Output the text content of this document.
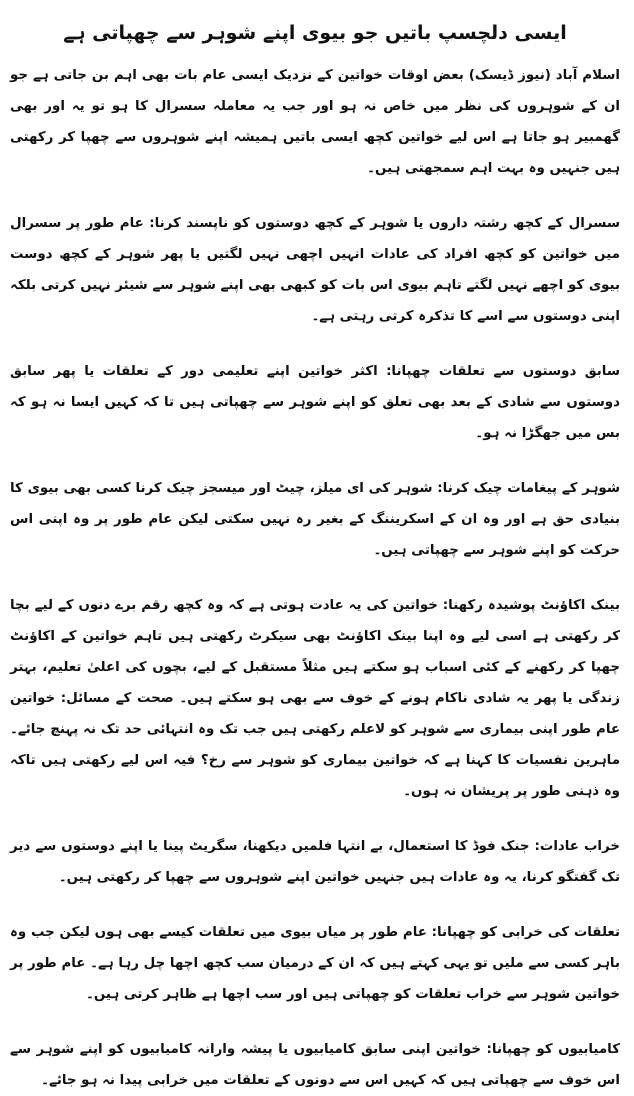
ایسی دلچسپ باتیں جو بیوی اپنے شوہر سے چھپاتی ہے

اسلام آباد (نیوز ڈیسک) بعض اوقات خواتین کے نزدیک ایسی عام بات بھی اہم بن جاتی ہے جو ان کے شوہروں کی نظر میں خاص نہ ہو اور جب یہ معاملہ سسرال کا ہو تو یہ اور بھی گھمبیر ہو جاتا ہے اس لیے خواتین کچھ ایسی باتیں ہمیشہ اپنے شوہروں سے چھپا کر رکھتی ہیں جنہیں وہ بہت اہم سمجھتی ہیں۔

سسرال کے کچھ رشتہ داروں یا شوہر کے کچھ دوستوں کو ناپسند کرنا: عام طور پر سسرال میں خواتین کو کچھ افراد کی عادات انہیں اچھی نہیں لگتیں یا پھر شوہر کے کچھ دوست بیوی کو اچھے نہیں لگتے تاہم بیوی اس بات کو کبھی بھی اپنے شوہر سے شیئر نہیں کرتی بلکہ اپنی دوستوں سے اسے کا تذکرہ کرتی رہتی ہے۔

سابق دوستوں سے تعلقات چھپانا: اکثر خواتین اپنے تعلیمی دور کے تعلقات یا پھر سابق دوستوں سے شادی کے بعد بھی تعلق کو اپنے شوہر سے چھپاتی ہیں تا کہ کہیں ایسا نہ ہو کہ بس میں جھگڑا نہ ہو۔

شوہر کے پیغامات چیک کرنا: شوہر کی ای میلز، چیٹ اور میسجز چیک کرنا کسی بھی بیوی کا بنیادی حق ہے اور وہ ان کے اسکریننگ کے بغیر رہ نہیں سکتی لیکن عام طور پر وہ اپنی اس حرکت کو اپنے شوہر سے چھپاتی ہیں۔

بینک اکاؤنٹ پوشیدہ رکھنا: خواتین کی یہ عادت ہوتی ہے کہ وہ کچھ رقم برے دنوں کے لیے بچا کر رکھتی ہے اسی لیے وہ اپنا بینک اکاؤنٹ بھی سیکرٹ رکھتی ہیں تاہم خواتین کے اکاؤنٹ چھپا کر رکھنے کے کئی اسباب ہو سکتے ہیں مثلاً مستقبل کے لیے، بچوں کی اعلیٰ تعلیم، بہتر زندگی یا پھر یہ شادی ناکام ہونے کے خوف سے بھی ہو سکتے ہیں۔ صحت کے مسائل: خواتین عام طور اپنی بیماری سے شوہر کو لاعلم رکھتی ہیں جب تک وہ انتہائی حد تک نہ پہنچ جائے۔ ماہرین نفسیات کا کہنا ہے کہ خواتین بیماری کو شوہر سے رخ؟ فیہ اس لیے رکھتی ہیں تاکہ وہ ذہنی طور پر پریشان نہ ہوں۔

خراب عادات: جنک فوڈ کا استعمال، بے انتہا فلمیں دیکھنا، سگریٹ پینا یا اپنے دوستوں سے دیر تک گفتگو کرنا، یہ وہ عادات ہیں جنہیں خواتین اپنے شوہروں سے چھپا کر رکھتی ہیں۔

تعلقات کی خرابی کو چھپانا: عام طور پر میاں بیوی میں تعلقات کیسے بھی ہوں لیکن جب وہ باہر کسی سے ملیں تو یہی کہتے ہیں کہ ان کے درمیان سب کچھ اچھا چل رہا ہے۔ عام طور پر خواتین شوہر سے خراب تعلقات کو چھپاتی ہیں اور سب اچھا ہے ظاہر کرتی ہیں۔

کامیابیوں کو چھپانا: خواتین اپنی سابق کامیابیوں یا پیشہ وارانہ کامیابیوں کو اپنے شوہر سے اس خوف سے چھپاتی ہیں کہ کہیں اس سے دونوں کے تعلقات میں خرابی پیدا نہ ہو جائے۔
